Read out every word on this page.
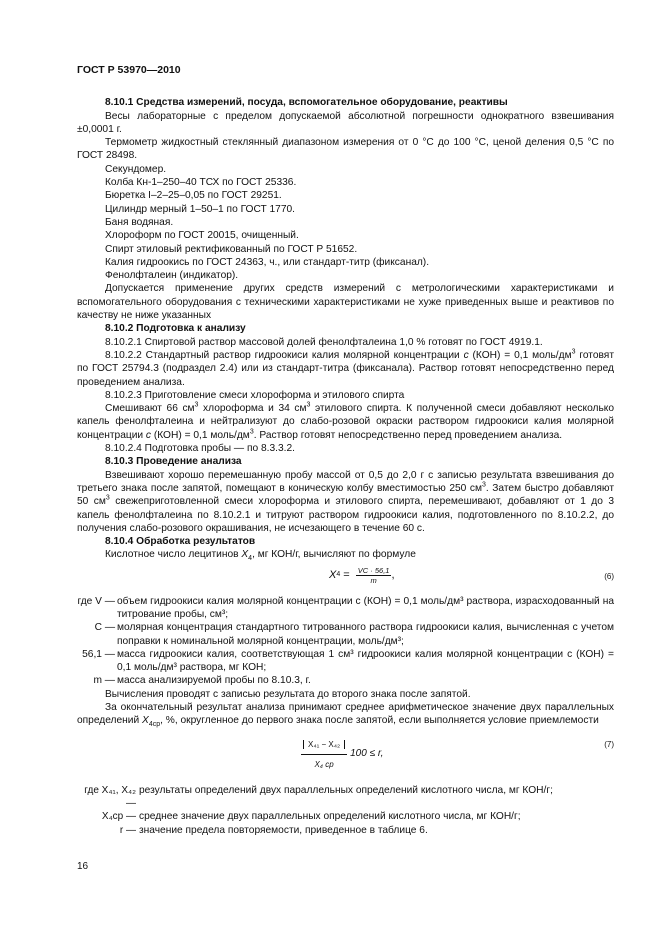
ГОСТ Р 53970—2010

8.10.1 Средства измерений, посуда, вспомогательное оборудование, реактивы

Весы лабораторные с пределом допускаемой абсолютной погрешности однократного взвешивания ±0,0001 г.

Термометр жидкостный стеклянный диапазоном измерения от 0 °С до 100 °С, ценой деления 0,5 °С по ГОСТ 28498.

Секундомер.

Колба Кн-1–250–40 ТСХ по ГОСТ 25336.

Бюретка I–2–25–0,05 по ГОСТ 29251.

Цилиндр мерный 1–50–1 по ГОСТ 1770.

Баня водяная.

Хлороформ по ГОСТ 20015, очищенный.

Спирт этиловый ректификованный по ГОСТ Р 51652.

Калия гидроокись по ГОСТ 24363, ч., или стандарт-титр (фиксанал).

Фенолфталеин (индикатор).

Допускается применение других средств измерений с метрологическими характеристиками и вспомогательного оборудования с техническими характеристиками не хуже приведенных выше и реактивов по качеству не ниже указанных

8.10.2 Подготовка к анализу

8.10.2.1 Спиртовой раствор массовой долей фенолфталеина 1,0 % готовят по ГОСТ 4919.1.

8.10.2.2 Стандартный раствор гидроокиси калия молярной концентрации c (КОН) = 0,1 моль/$дм^3$ готовят по ГОСТ 25794.3 (подраздел 2.4) или из стандарт-титра (фиксанала). Раствор готовят непосредственно перед проведением анализа.

8.10.2.3 Приготовление смеси хлороформа и этилового спирта

Смешивают 66 $см^3$ хлороформа и 34 $см^3$ этилового спирта. К полученной смеси добавляют несколько капель фенолфталеина и нейтрализуют до слабо-розовой окраски раствором гидроокиси калия молярной концентрации c (КОН) = 0,1 моль/$дм^3$. Раствор готовят непосредственно перед проведением анализа.

8.10.2.4 Подготовка пробы — по 8.3.3.2.

8.10.3 Проведение анализа

Взвешивают хорошо перемешанную пробу массой от 0,5 до 2,0 г с записью результата взвешивания до третьего знака после запятой, помещают в коническую колбу вместимостью 250 $см^3$. Затем быстро добавляют 50 $см^3$ свежеприготовленной смеси хлороформа и этилового спирта, перемешивают, добавляют от 1 до 3 капель фенолфталеина по 8.10.2.1 и титруют раствором гидроокиси калия, подготовленного по 8.10.2.2, до получения слабо-розового окрашивания, не исчезающего в течение 60 с.

8.10.4 Обработка результатов

Кислотное число лецитинов $X_4$, мг КОН/г, вычисляют по формуле

X $4 = \frac{VC \cdot 56,1}{m}$ ,	(6)
где V — объем гидроокиси калия молярной концентрации c (КОН) = 0,1 моль/дм³ раствора, израсходованный на титрование пробы, см³;
C — молярная концентрация стандартного титрованного раствора гидроокиси калия, вычисленная с учетом поправки к номинальной молярной концентрации, моль/дм³;
56,1 — масса гидроокиси калия, соответствующая 1 см³ гидроокиси калия молярной концентрации c (КОН) = 0,1 моль/дм³ раствора, мг КОН;
m — масса анализируемой пробы по 8.10.3, г.

Вычисления проводят с записью результата до второго знака после запятой.

За окончательный результат анализа принимают среднее арифметическое значение двух параллельных определений $X_{4ср}$, %, округленное до первого знака после запятой, если выполняется условие приемлемости

$\frac{\text{X₄₁ − X₄₂}}{\text{X₄ ср}} 100 \le r$,
(7)
где X₄₁, X₄₂ —
результаты определений двух параллельных определений кислотного числа, мг КОН/г;
X₄ср — среднее значение двух параллельных определений кислотного числа, мг КОН/г;
r — значение предела повторяемости, приведенное в таблице 6.
16
